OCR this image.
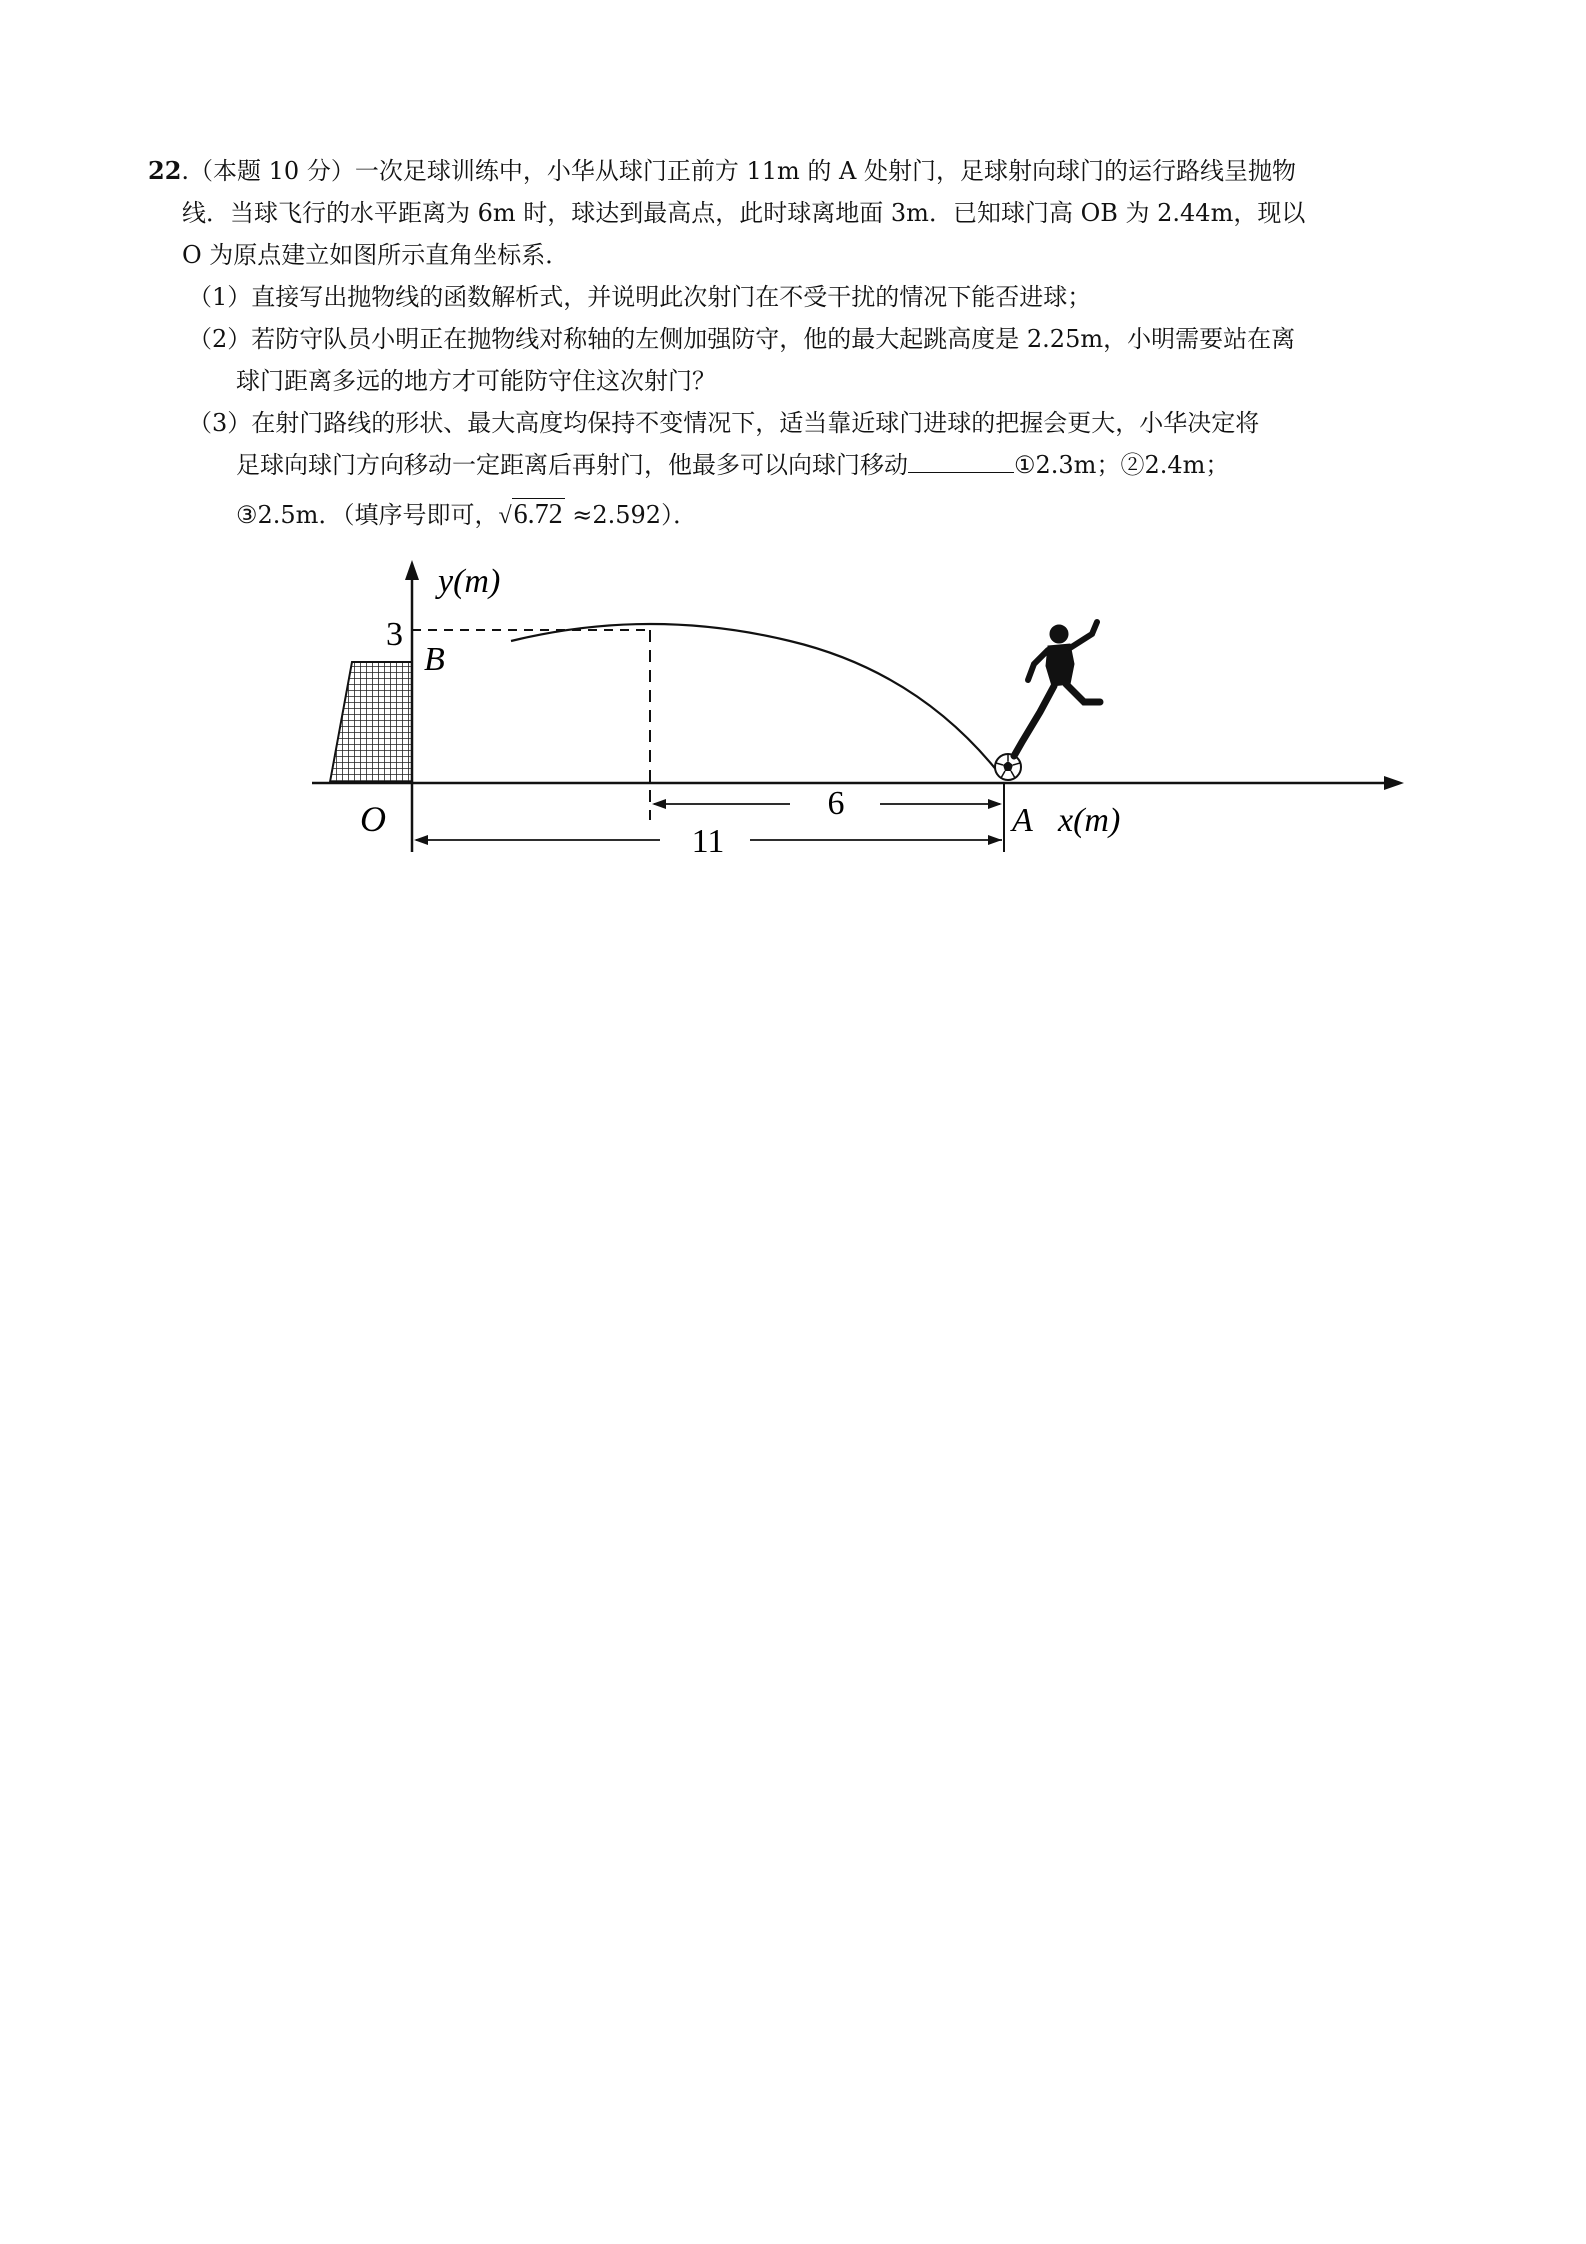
22.（本题 10 分）一次足球训练中，小华从球门正前方 11m 的 A 处射门，足球射向球门的运行路线呈抛物
线．当球飞行的水平距离为 6m 时，球达到最高点，此时球离地面 3m．已知球门高 OB 为 2.44m，现以
O 为原点建立如图所示直角坐标系．
（1）直接写出抛物线的函数解析式，并说明此次射门在不受干扰的情况下能否进球；
（2）若防守队员小明正在抛物线对称轴的左侧加强防守，他的最大起跳高度是 2.25m，小明需要站在离
球门距离多远的地方才可能防守住这次射门？
（3）在射门路线的形状、最大高度均保持不变情况下，适当靠近球门进球的把握会更大，小华决定将
足球向球门方向移动一定距离后再射门，他最多可以向球门移动	①2.3m；②2.4m；
③2.5m．（填序号即可，√6.72 ≈2.592）．
6
11
y(m)
3
B
O	A x(m)
